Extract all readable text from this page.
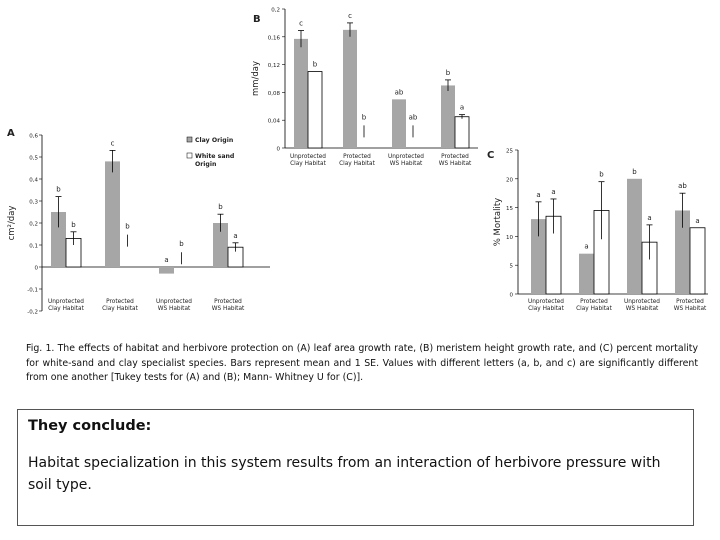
A	0,6
0,5
0,4
0,3
0,2
0,1
0
-0,1
-0,2
cm²/day
b
b
Unprotected
Clay Habitat
c
b
Protected
Clay Habitat
a
b
Unprotected
WS Habitat
b
a
Protected
WS Habitat
Clay Origin
White sand
Origin
B
0,2
0,16
0,12
0,08
0,04
0
mm/day
c
b
Unprotected
Clay Habitat
c
b
Protected
Clay Habitat
ab
ab
Unprotected
WS Habitat
b
a
Protected
WS Habitat
C 25
20
15
10
5
0
% Mortality
a a
Unprotected
Clay Habitat
a
b
Protected
Clay Habitat
b
a
Unprotected
WS Habitat
ab
a
Protected
WS Habitat
Fig. 1. The effects of habitat and herbivore protection on (A) leaf area growth rate, (B) meristem height growth rate, and (C) percent mortality for white-sand and clay specialist species. Bars represent mean and 1 SE. Values with different letters (a, b, and c) are significantly different from one another [Tukey tests for (A) and (B); Mann- Whitney U for (C)].
They conclude:
Habitat specialization in this system results from an interaction of herbivore pressure with soil type.
